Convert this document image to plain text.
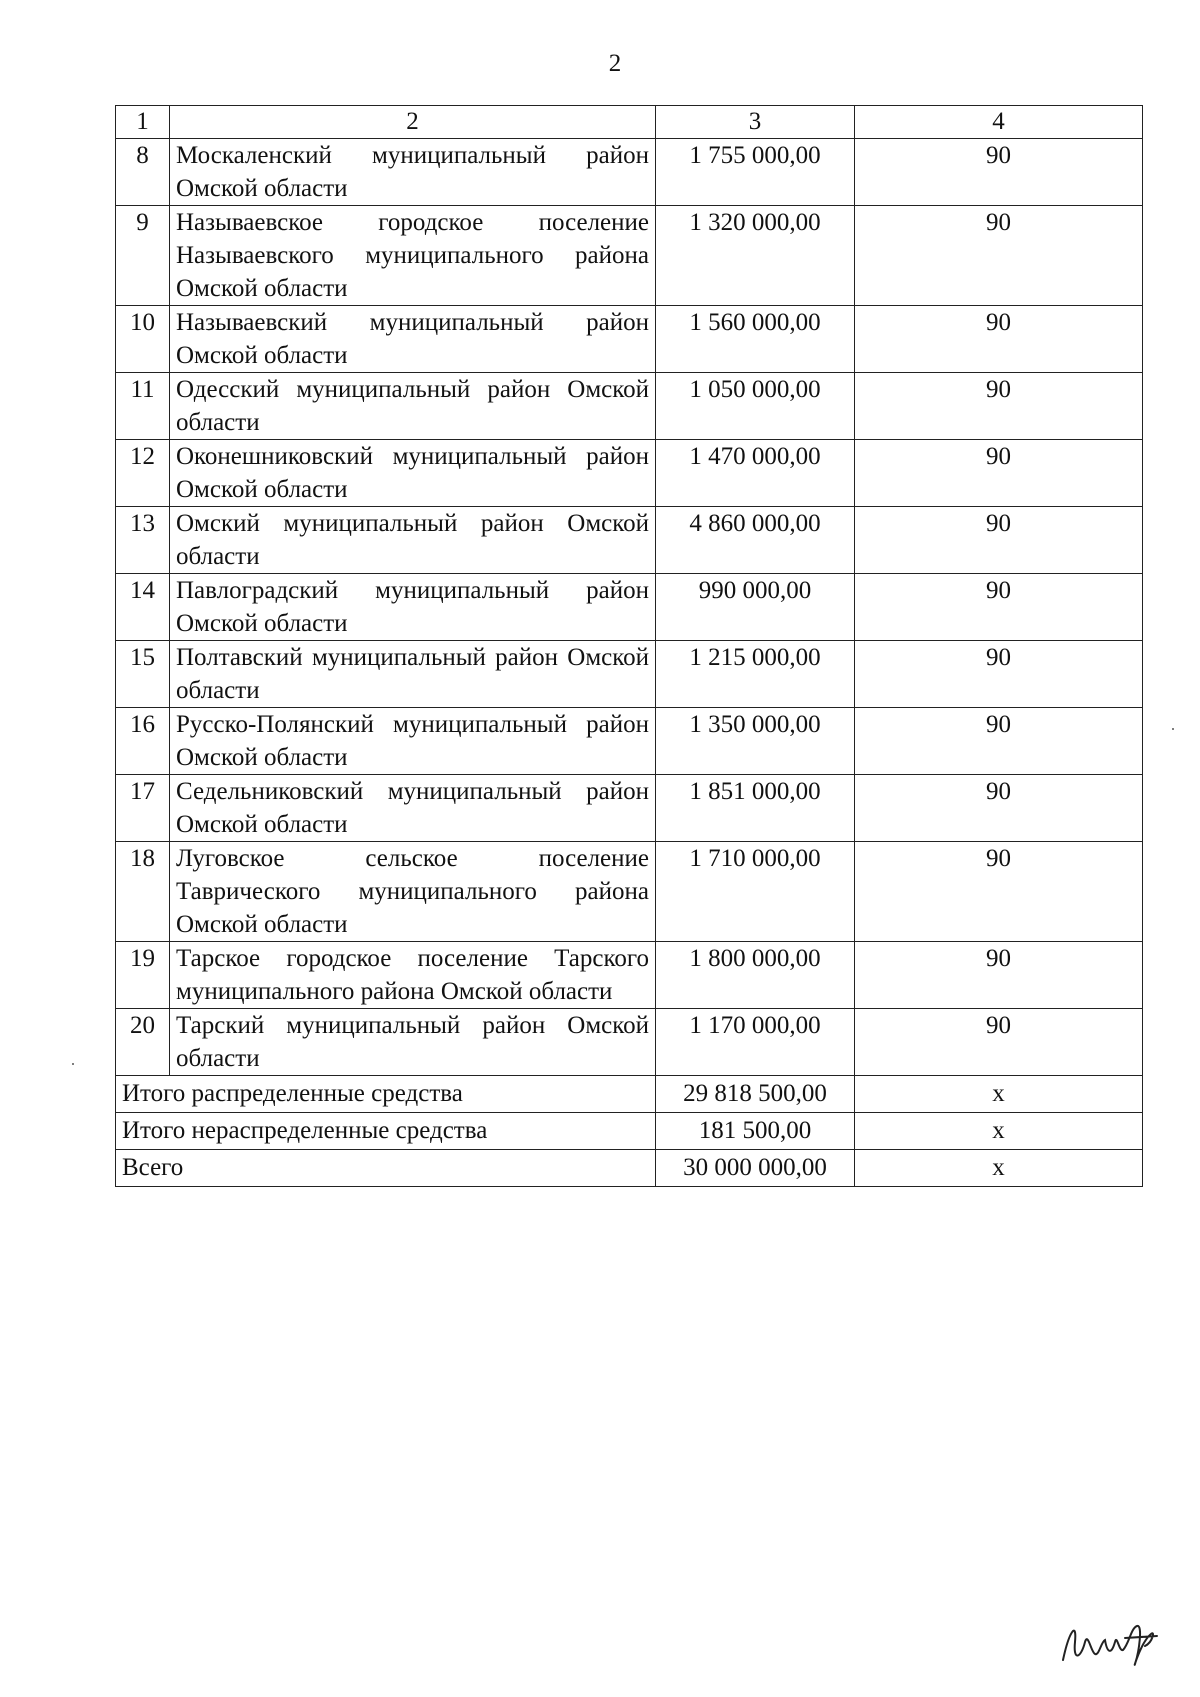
2
1	2	3	4
8	Москаленский муниципальный район Омской области	1 755 000,00	90
9	Называевское городское поселение Называевского муниципального района Омской области	1 320 000,00	90
10	Называевский муниципальный район Омской области	1 560 000,00	90
11	Одесский муниципальный район Омской области	1 050 000,00	90
12	Оконешниковский муниципальный район Омской области	1 470 000,00	90
13	Омский муниципальный район Омской области	4 860 000,00	90
14	Павлоградский муниципальный район Омской области	990 000,00	90
15	Полтавский муниципальный район Омской области	1 215 000,00	90
16	Русско-Полянский муниципальный район Омской области	1 350 000,00	90
17	Седельниковский муниципальный район Омской области	1 851 000,00	90
18	Луговское сельское поселение Таврического муниципального района Омской области	1 710 000,00	90
19	Тарское городское поселение Тарского муниципального района Омской области	1 800 000,00	90
20	Тарский муниципальный район Омской области	1 170 000,00	90
Итого распределенные средства		29 818 500,00	х
Итого нераспределенные средства		181 500,00	х
Всего		30 000 000,00	х
